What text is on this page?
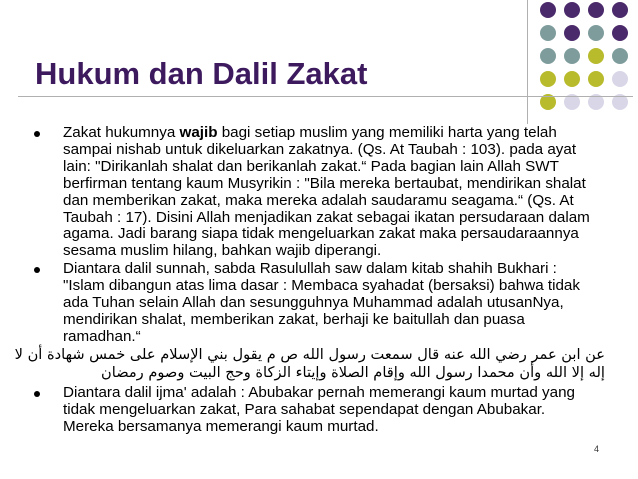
Hukum dan Dalil Zakat

Zakat hukumnya wajib bagi setiap muslim yang memiliki harta yang telah sampai nishab untuk dikeluarkan zakatnya. (Qs. At Taubah : 103). pada ayat lain: "Dirikanlah shalat dan berikanlah zakat.“ Pada bagian lain Allah SWT berfirman tentang kaum Musyrikin : "Bila mereka bertaubat, mendirikan shalat dan memberikan zakat, maka mereka adalah saudaramu seagama.“ (Qs. At Taubah : 17). Disini Allah menjadikan zakat sebagai ikatan persudaraan dalam agama. Jadi barang siapa tidak mengeluarkan zakat maka persaudaraannya sesama muslim hilang, bahkan wajib diperangi.

Diantara dalil sunnah, sabda Rasulullah saw dalam kitab shahih Bukhari : "Islam dibangun atas lima dasar : Membaca syahadat (bersaksi) bahwa tidak ada Tuhan selain Allah dan sesungguhnya Muhammad adalah utusanNya, mendirikan shalat, memberikan zakat, berhaji ke baitullah dan puasa ramadhan.“

عن ابن عمر رضي الله عنه قال سمعت رسول الله ص م يقول بني الإسلام على خمس شهادة أن لا إله إلا الله وأن محمدا رسول الله وإقام الصلاة وإيتاء الزكاة وحج البيت وصوم رمضان

Diantara dalil ijma' adalah : Abubakar pernah memerangi kaum murtad yang tidak mengeluarkan zakat, Para sahabat sependapat dengan Abubakar. Mereka bersamanya memerangi kaum murtad.

4
